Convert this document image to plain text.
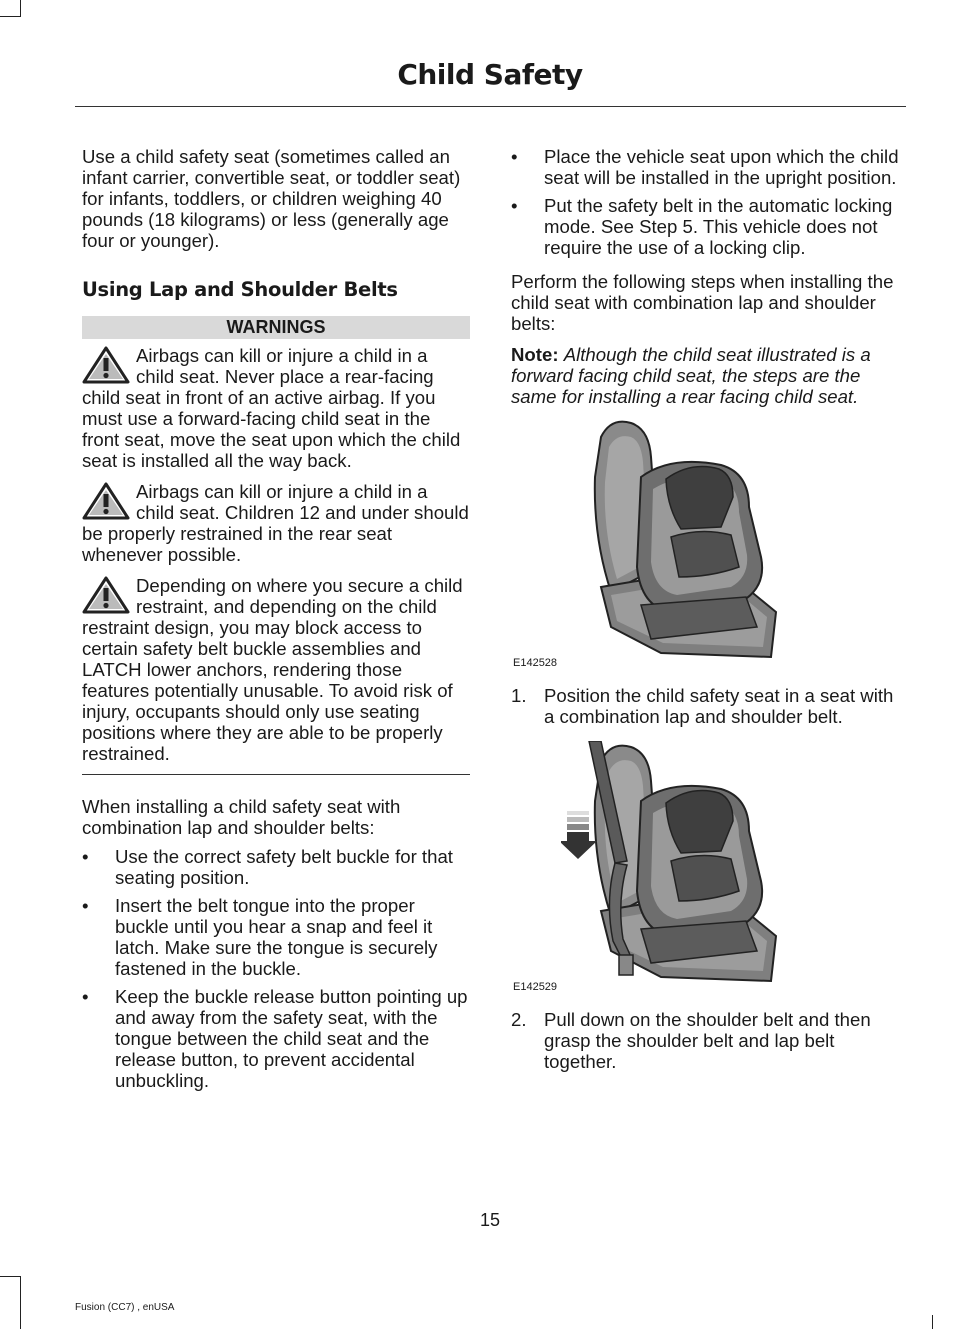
Child Safety

Use a child safety seat (sometimes called an infant carrier, convertible seat, or toddler seat) for infants, toddlers, or children weighing 40 pounds (18 kilograms) or less (generally age four or younger).

Using Lap and Shoulder Belts
WARNINGS

Airbags can kill or injure a child in a child seat. Never place a rear-facing child seat in front of an active airbag. If you must use a forward-facing child seat in the front seat, move the seat upon which the child seat is installed all the way back.

Airbags can kill or injure a child in a child seat. Children 12 and under should be properly restrained in the rear seat whenever possible.

Depending on where you secure a child restraint, and depending on the child restraint design, you may block access to certain safety belt buckle assemblies and LATCH lower anchors, rendering those features potentially unusable. To avoid risk of injury, occupants should only use seating positions where they are able to be properly restrained.

When installing a child safety seat with combination lap and shoulder belts:

• Use the correct safety belt buckle for that seating position.
• Insert the belt tongue into the proper buckle until you hear a snap and feel it latch. Make sure the tongue is securely fastened in the buckle.
• Keep the buckle release button pointing up and away from the safety seat, with the tongue between the child seat and the release button, to prevent accidental unbuckling.
• Place the vehicle seat upon which the child seat will be installed in the upright position.
• Put the safety belt in the automatic locking mode. See Step 5. This vehicle does not require the use of a locking clip.

Perform the following steps when installing the child seat with combination lap and shoulder belts:

Note: Although the child seat illustrated is a forward facing child seat, the steps are the same for installing a rear facing child seat.

E142528
1. Position the child safety seat in a seat with a combination lap and shoulder belt.
E142529
2. Pull down on the shoulder belt and then grasp the shoulder belt and lap belt together.
15
Fusion (CC7) , enUSA
